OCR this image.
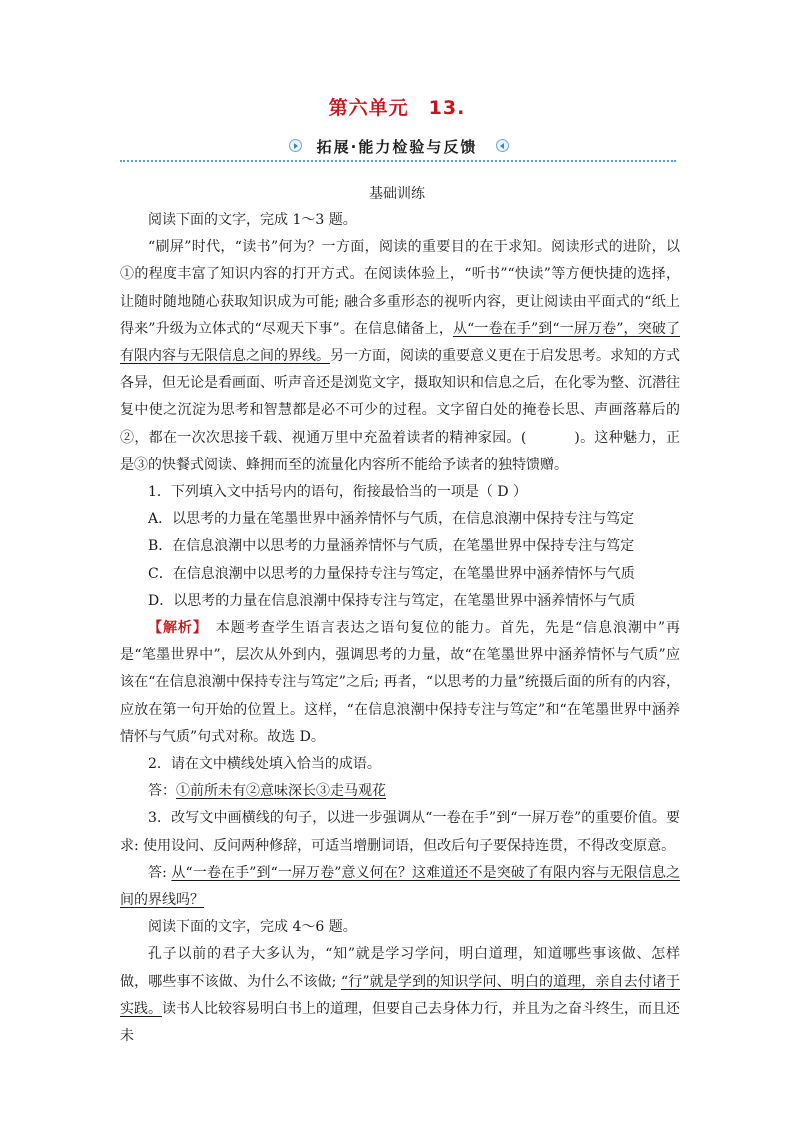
第六单元　13.
拓展·能力检验与反馈
基础训练

阅读下面的文字，完成 1～3 题。

“刷屏”时代，“读书”何为？一方面，阅读的重要目的在于求知。阅读形式的进阶，以①的程度丰富了知识内容的打开方式。在阅读体验上，“听书”“快读”等方便快捷的选择，让随时随地随心获取知识成为可能; 融合多重形态的视听内容，更让阅读由平面式的“纸上得来”升级为立体式的“尽观天下事”。在信息储备上，从“一卷在手”到“一屏万卷”，突破了有限内容与无限信息之间的界线。另一方面，阅读的重要意义更在于启发思考。求知的方式各异，但无论是看画面、听声音还是浏览文字，摄取知识和信息之后，在化零为整、沉潜往复中使之沉淀为思考和智慧都是必不可少的过程。文字留白处的掩卷长思、声画落幕后的②，都在一次次思接千载、视通万里中充盈着读者的精神家园。(	)。这种魅力，正是③的快餐式阅读、蜂拥而至的流量化内容所不能给予读者的独特馈赠。

1．下列填入文中括号内的语句，衔接最恰当的一项是（ D ）

A．以思考的力量在笔墨世界中涵养情怀与气质，在信息浪潮中保持专注与笃定

B．在信息浪潮中以思考的力量涵养情怀与气质，在笔墨世界中保持专注与笃定

C．在信息浪潮中以思考的力量保持专注与笃定，在笔墨世界中涵养情怀与气质

D．以思考的力量在信息浪潮中保持专注与笃定，在笔墨世界中涵养情怀与气质

【解析】　 本题考查学生语言表达之语句复位的能力。首先，先是“信息浪潮中”再是“笔墨世界中”，层次从外到内，强调思考的力量，故“在笔墨世界中涵养情怀与气质”应该在“在信息浪潮中保持专注与笃定”之后; 再者，“以思考的力量”统摄后面的所有的内容，应放在第一句开始的位置上。这样，“在信息浪潮中保持专注与笃定”和“在笔墨世界中涵养情怀与气质”句式对称。故选 D。

2．请在文中横线处填入恰当的成语。

答：①前所未有②意味深长③走马观花

3．改写文中画横线的句子，以进一步强调从“一卷在手”到“一屏万卷”的重要价值。要求: 使用设问、反问两种修辞，可适当增删词语，但改后句子要保持连贯，不得改变原意。

答: 从“一卷在手”到“一屏万卷”意义何在？这难道还不是突破了有限内容与无限信息之间的界线吗？

阅读下面的文字，完成 4～6 题。

孔子以前的君子大多认为，“知”就是学习学问，明白道理，知道哪些事该做、怎样做，哪些事不该做、为什么不该做; “行”就是学到的知识学问、明白的道理，亲自去付诸于实践。读书人比较容易明白书上的道理，但要自己去身体力行，并且为之奋斗终生，而且还未
